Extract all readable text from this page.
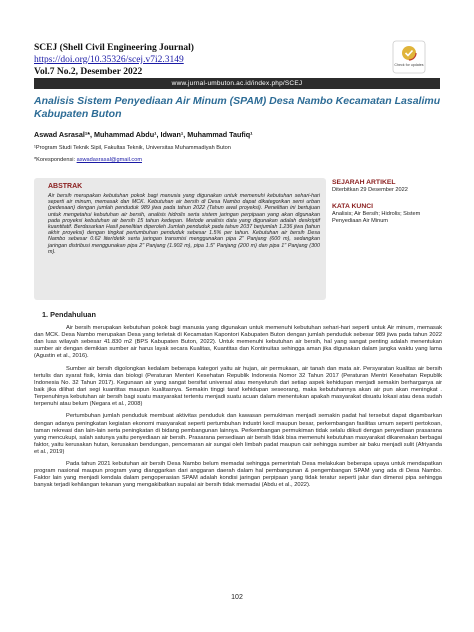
SCEJ (Shell Civil Engineering Journal)
https://doi.org/10.35326/scej.v7i2.3149
Vol.7 No.2, Desember 2022
Check for updates
www.jurnal-umbuton.ac.id/index.php/SCEJ
Analisis Sistem Penyediaan Air Minum (SPAM) Desa Nambo Kecamatan Lasalimu Kabupaten Buton
Aswad Asrasal¹*, Muhammad Abdu¹, Idwan¹, Muhammad Taufiq¹
¹Program Studi Teknik Sipil, Fakultas Teknik, Universitas Muhammadiyah Buton
*Korespondensi: aswadasrasal@gmail.com
ABSTRAK
Air bersih merupakan kebutuhan pokok bagi manusia yang digunakan untuk memenuhi kebutuhan sehari-hari seperti air minum, memasak dan MCK. Kebutuhan air bersih di Desa Nambo dapat dikategorikan semi urban (pedesaan) dengan jumlah penduduk 989 jiwa pada tahun 2022 (Tahun awal proyeksi). Penelitian ini bertujuan untuk mengetahui kebutuhan air bersih, analisis hidrolis serta sistem jaringan perpipaan yang akan digunakan pada proyeksi kebutuhan air bersih 15 tahun kedepan. Metode analisis data yang digunakan adalah deskriptif kuantitatif. Berdasarkan Hasil penelitian diperoleh Jumlah penduduk pada tahun 2037 berjumlah 1.236 jiwa (tahun akhir proyeksi) dengan tingkat pertumbuhan penduduk sebesar 1.5% per tahun. Kebutuhan air bersih Desa Nambo sebesar 0.62 liter/detik serta jaringan transmisi menggunakan pipa 2" Panjang (600 m), sedangkan jaringan distribusi menggunakan pipa 2" Panjang (1.902 m), pipa 1.5" Panjang (200 m) dan pipa 1" Panjang (300 m).
SEJARAH ARTIKEL
Diterbitkan 29 Desember 2022
KATA KUNCI
Analisis; Air Bersih; Hidrolis; Sistem Penyediaan Air Minum
1. Pendahuluan

Air bersih merupakan kebutuhan pokok bagi manusia yang digunakan untuk memenuhi kebutuhan sehari-hari seperti untuk Air minum, memasak dan MCK. Desa Nambo merupakan Desa yang terletak di Kecamatan Kapontori Kabupaten Buton dengan jumlah penduduk sebesar 989 jiwa pada tahun 2022 dan luas wilayah sebesar 41.830 m2 (BPS Kabupaten Buton, 2022). Untuk memenuhi kebutuhan air bersih, hal yang sangat penting adalah menentukan sumber air dengan demikian sumber air harus layak secara Kualitas, Kuantitas dan Kontinuitas sehingga aman jika digunakan dalam jangka waktu yang lama (Agustin et al., 2016).

Sumber air bersih digolongkan kedalam beberapa kategori yaitu air hujan, air permukaan, air tanah dan mata air. Persyaratan kualitas air bersih tertulis dan syarat fisik, kimia dan biologi (Peraturan Menteri Kesehatan Republik Indonesia Nomor 32 Tahun 2017 (Peraturan Mentri Kesehatan Republik Indonesia No. 32 Tahun 2017). Kegunaan air yang sangat bersifat universal atau menyeluruh dari setiap aspek kehidupan menjadi semakin berharganya air baik jika dilihat dari segi kuantitas maupun kualitasnya. Semakin tinggi taraf kehidupan seseorang, maka kebutuhannya akan air pun akan meningkat . Terpenuhinya kebutuhan air bersih bagi suatu masyarakat tertentu menjadi suatu acuan dalam menentukan apakah masyarakat disuatu lokasi atau desa sudah terpenuhi atau belum (Negara et al., 2008)

Pertumbuhan jumlah penduduk membuat aktivitas penduduk dan kawasan pemukiman menjadi semakin padat hal tersebut dapat digambarkan dengan adanya peningkatan kegiatan ekonomi masyarakat seperti pertumbuhan industri kecil maupun besar, perkembangan fasilitas umum seperti pertokoan, taman rekreasi dan lain-lain serta peningkatan di bidang pembangunan lainnya. Perkembangan permukiman tidak selalu diikuti dengan penyediaan prasarana yang mencukupi, salah satunya yaitu penyediaan air bersih. Prasarana persediaan air bersih tidak bisa memenuhi kebutuhan masyarakat dikarenakan berbagai faktor, yaitu kerusakan hutan, kerusakan bendungan, pencemaran air sungai oleh limbah padat maupun cair sehingga sumber air baku menjadi sulit (Afriyanda et al., 2019)

Pada tahun 2021 kebutuhan air bersih Desa Nambo belum memadai sehingga pemerintah Desa melakukan beberapa upaya untuk mendapatkan program nasional maupun program yang dianggarkan dari anggaran daerah dalam hal pembangunan & pengembangan SPAM yang ada di Desa Nambo. Faktor lain yang menjadi kendala dalam pengoperasian SPAM adalah kondisi jaringan perpipaan yang tidak teratur seperti jalur dan dimensi pipa sehingga banyak terjadi kehilangan tekanan yang mengakibatkan supalai air bersih tidak memadai (Abdu et al., 2022).

102
